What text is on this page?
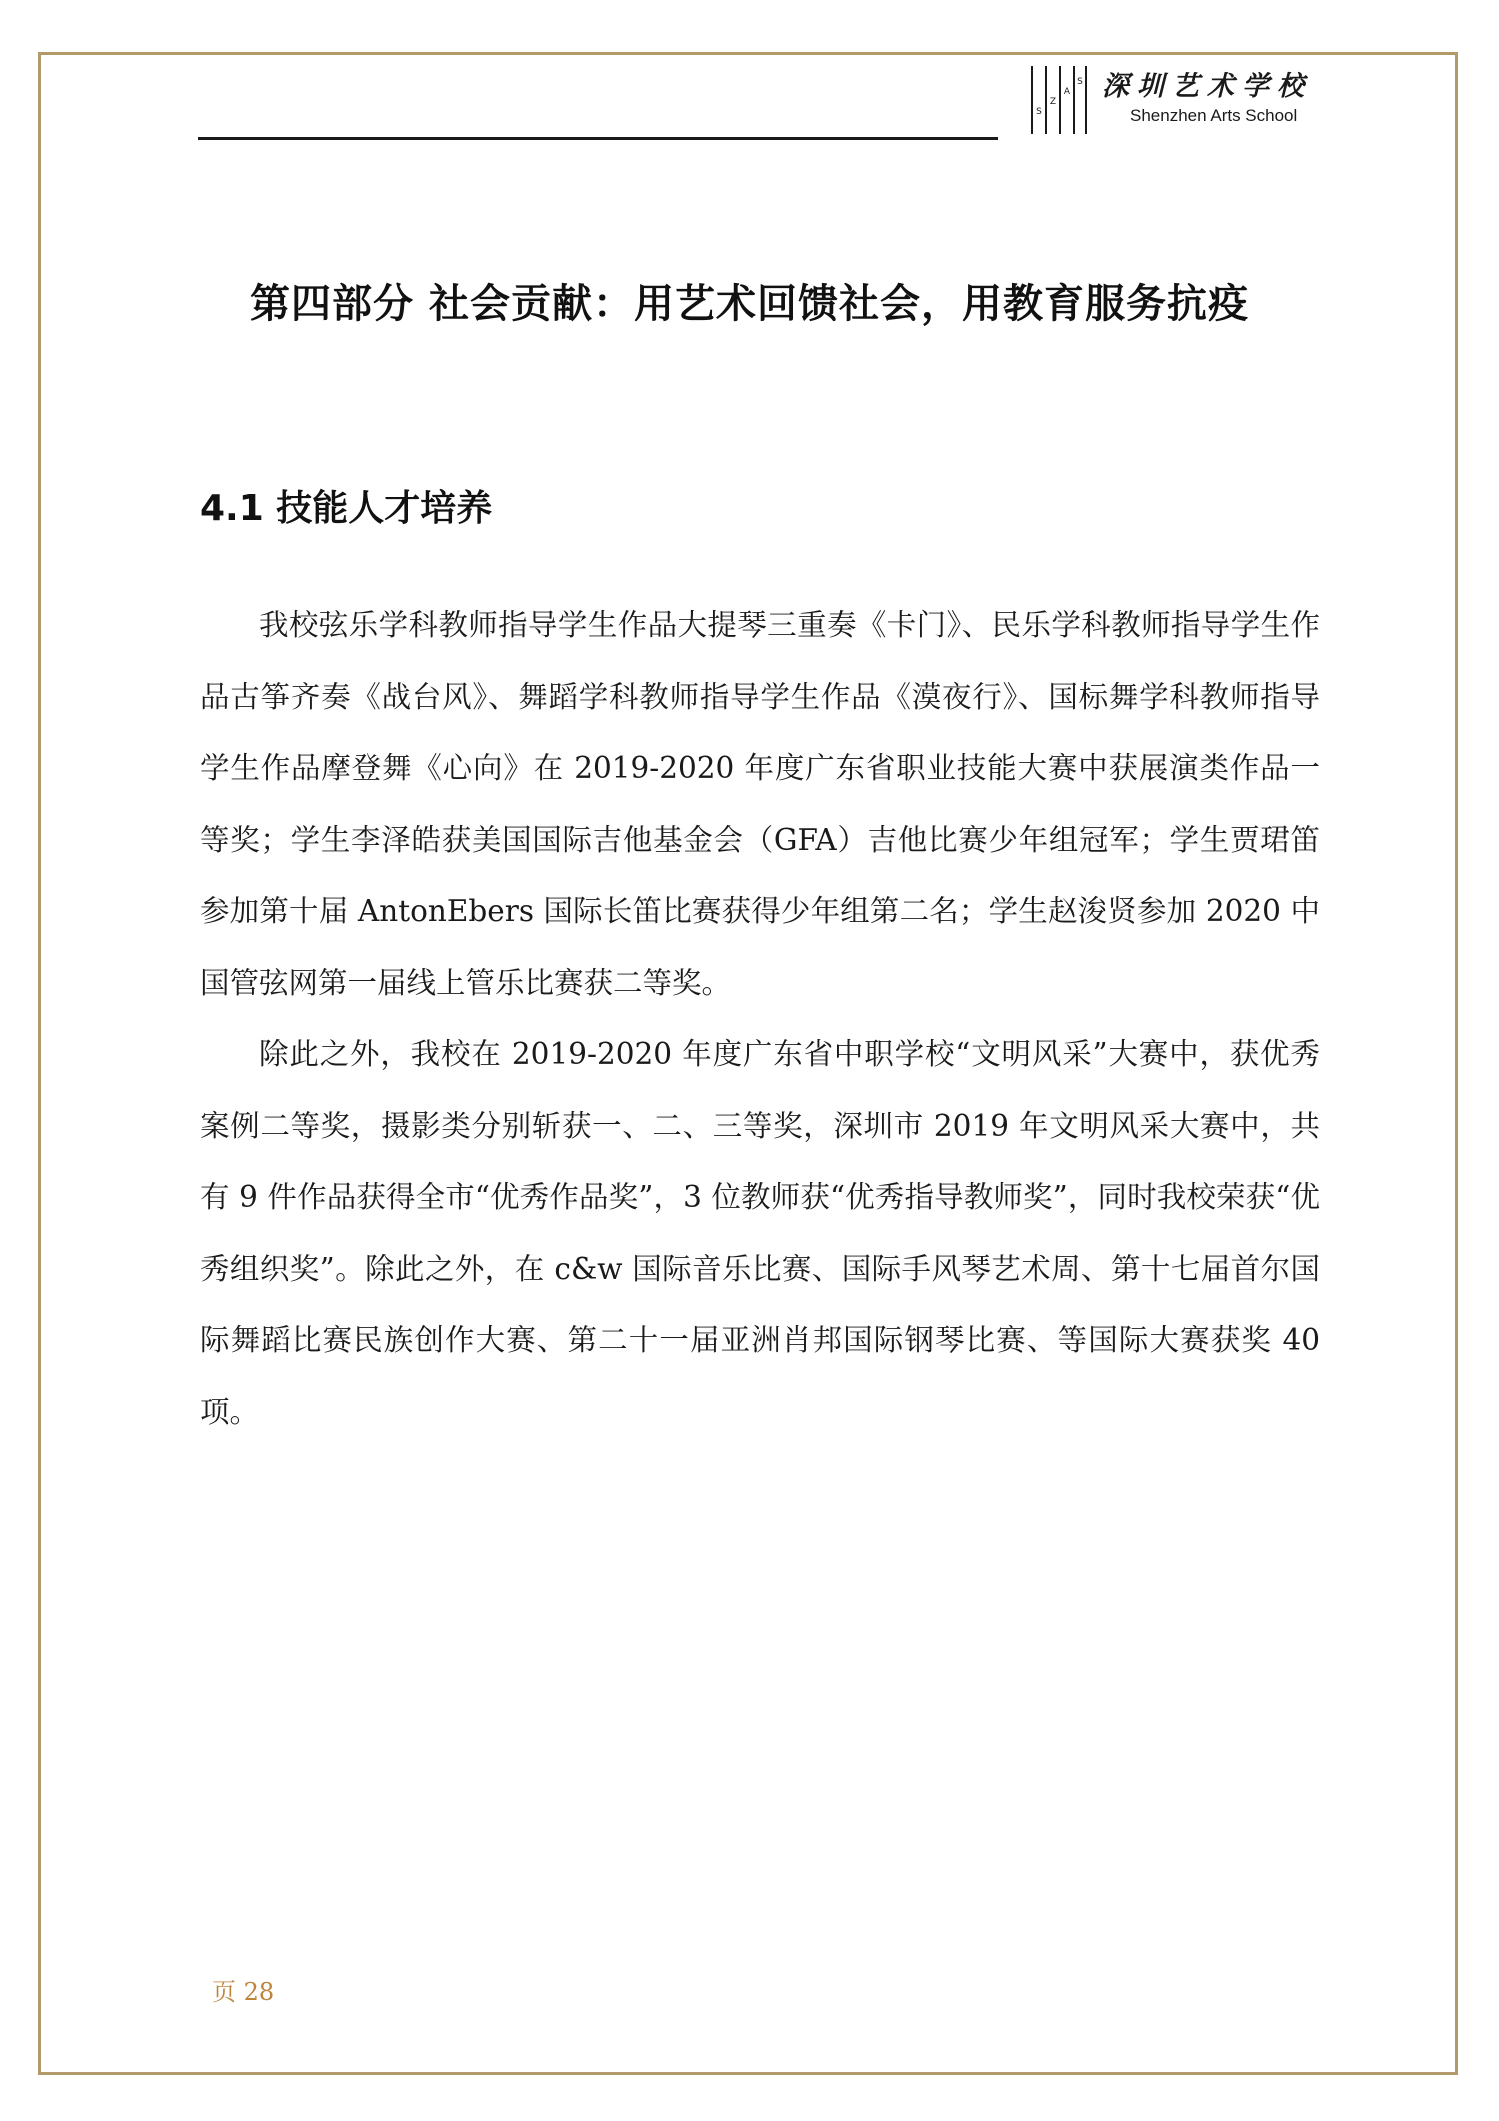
S
Z
A
S 深圳艺术学校
Shenzhen Arts School
第四部分 社会贡献：用艺术回馈社会，用教育服务抗疫
4.1 技能人才培养

我校弦乐学科教师指导学生作品大提琴三重奏《卡门》、民乐学科教师指导学生作品古筝齐奏《战台风》、舞蹈学科教师指导学生作品《漠夜行》、国标舞学科教师指导学生作品摩登舞《心向》在 2019-2020 年度广东省职业技能大赛中获展演类作品一等奖；学生李泽皓获美国国际吉他基金会（GFA）吉他比赛少年组冠军；学生贾珺笛参加第十届 AntonEbers 国际长笛比赛获得少年组第二名；学生赵浚贤参加 2020 中国管弦网第一届线上管乐比赛获二等奖。

除此之外，我校在 2019-2020 年度广东省中职学校“文明风采”大赛中，获优秀案例二等奖，摄影类分别斩获一、二、三等奖，深圳市 2019 年文明风采大赛中，共有 9 件作品获得全市“优秀作品奖”，3 位教师获“优秀指导教师奖”，同时我校荣获“优秀组织奖”。除此之外，在 c&w 国际音乐比赛、国际手风琴艺术周、第十七届首尔国际舞蹈比赛民族创作大赛、第二十一届亚洲肖邦国际钢琴比赛、等国际大赛获奖 40 项。

页 28
